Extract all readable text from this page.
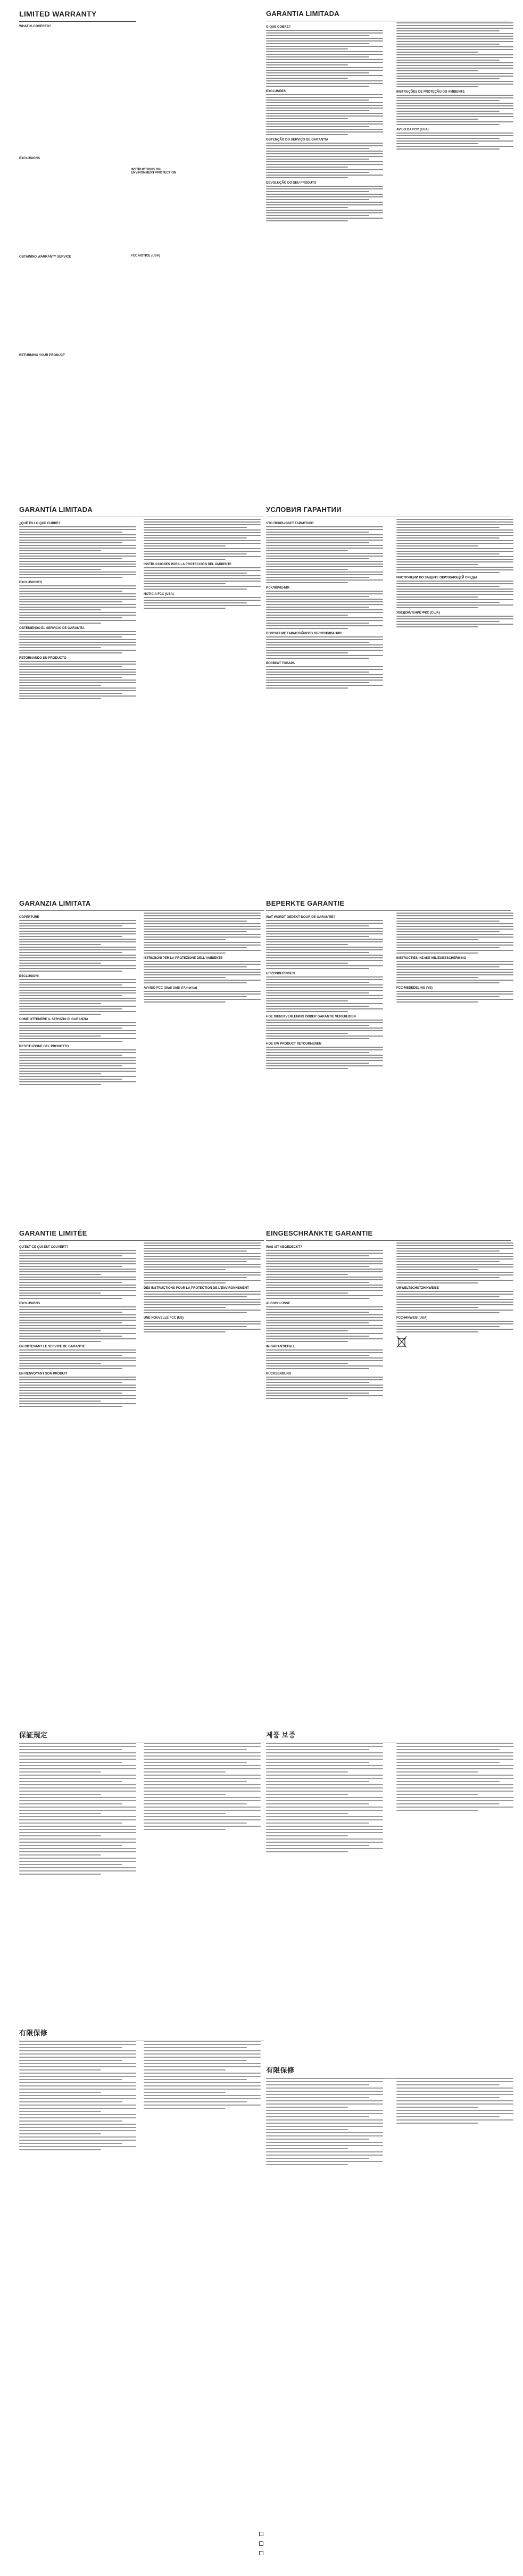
LIMITED WARRANTY
WHAT IS COVERED?
EXCLUSIONS
INSTRUCTIONS ON ENVIRONMENT PROTECTION
OBTAINING WARRANTY SERVICE	FCC NOTICE (USA)
RETURNING YOUR PRODUCT
GARANTIA LIMITADA
O QUE COBRE?
EXCLUSÕES
OBTENÇÃO DO SERVIÇO DE GARANTIA
DEVOLUÇÃO DO SEU PRODUTO
INSTRUÇÕES DE PROTEÇÃO DO AMBIENTE
AVISO DA FCC (EUA)
GARANTÍA LIMITADA
¿QUÉ ES LO QUE CUBRE?
EXCLUSIONES
OBTENIENDO EL SERVICIO DE GARANTÍA
RETORNANDO SU PRODUCTO
INSTRUCCIONES PARA LA PROTECCIÓN DEL AMBIENTE
NOTICIA FCC (USA)
УСЛОВИЯ ГАРАНТИИ
ЧТО ПОКРЫВАЕТ ГАРАНТИЯ?
ИСКЛЮЧЕНИЯ
ПОЛУЧЕНИЕ ГАРАНТИЙНОГО ОБСЛУЖИВАНИЯ
ВОЗВРАТ ТОВАРА
ИНСТРУКЦИИ ПО ЗАЩИТЕ ОКРУЖАЮЩЕЙ СРЕДЫ
УВЕДОМЛЕНИЕ ФКС (США)
GARANZIA LIMITATA
COPERTURE
ESCLUSIONI
COME OTTENERE IL SERVIZIO DI GARANZIA
RESTITUZIONE DEL PRODOTTO
ISTRUZIONI PER LA PROTEZIONE DELL'AMBIENTE
AVVISO FCC (Stati Uniti d'America)
BEPERKTE GARANTIE
WAT WORDT GEDEKT DOOR DE GARANTIE?
UITZONDERINGEN
HOE DIENSTVERLENING ONDER GARANTIE VERKRIJGEN
HOE UW PRODUCT RETOURNEREN
INSTRUCTIES INZAKE MILIEUBESCHERMING
FCC-MEDEDELING (VS)
GARANTIE LIMITÉE
QU'EST-CE QUI EST COUVERT?
EXCLUSIONS
EN OBTENANT LE SERVICE DE GARANTIE
EN RENVOYANT SON PRODUIT
DES INSTRUCTIONS POUR LA PROTECTION DE L'ENVIRONNEMENT
UNE NOUVELLE FCC (US)
EINGESCHRÄNKTE GARANTIE
WAS IST ABGEDECKT?
AUSSCHLÜSSE
IM GARANTIEFALL
RÜCKSENDUNG
UMWELTSCHUTZHINWEISE
FCC-HINWEIS (USA)
保証規定	제품 보증
有限保修
有限保修
